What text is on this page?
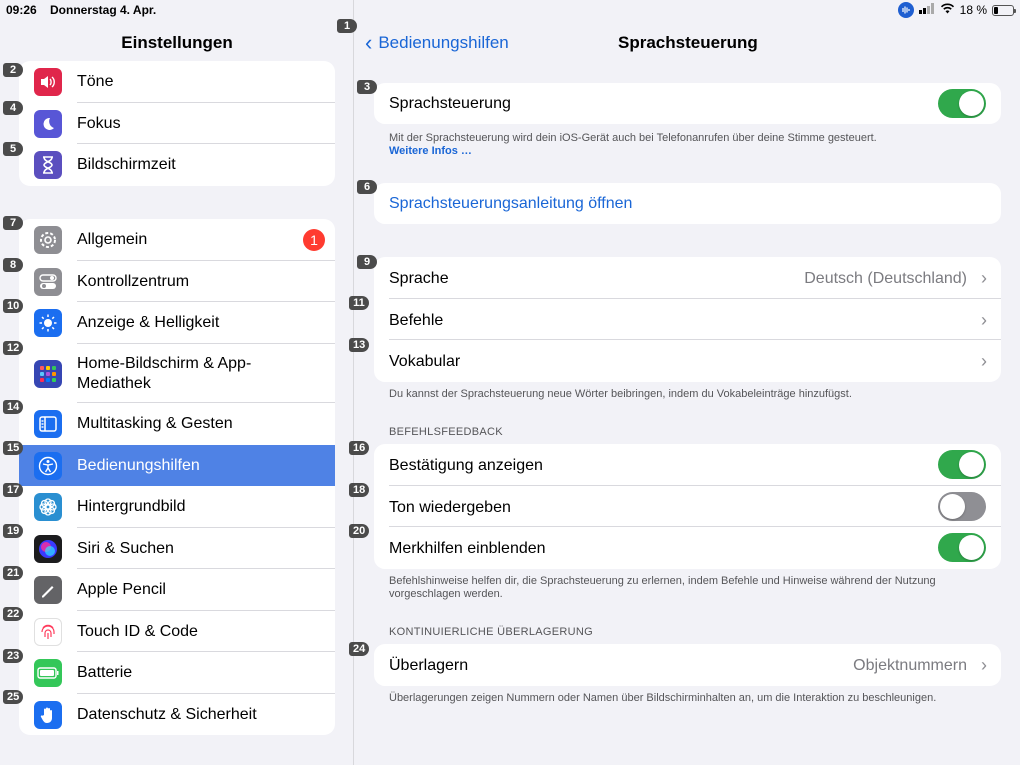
Einstellungen
Töne
Fokus
Bildschirmzeit
Allgemein	1
Kontrollzentrum
Anzeige & Helligkeit
Home-Bildschirm & App-Mediathek
Multitasking & Gesten
Bedienungshilfen
Hintergrundbild
Siri & Suchen
Apple Pencil
Touch ID & Code
Batterie
Datenschutz & Sicherheit
2
4
5
7
8
10
12
14
15
17
19
21
22
23
25
‹ Bedienungshilfen	Sprachsteuerung
Sprachsteuerung
Mit der Sprachsteuerung wird dein iOS-Gerät auch bei Telefonanrufen über deine Stimme gesteuert.
Weitere Infos …
Sprachsteuerungsanleitung öffnen
Sprache	Deutsch (Deutschland) ›
Befehle	›
Vokabular	›
Du kannst der Sprachsteuerung neue Wörter beibringen, indem du Vokabeleinträge hinzufügst.
BEFEHLSFEEDBACK
Bestätigung anzeigen
Ton wiedergeben
Merkhilfen einblenden
Befehlshinweise helfen dir, die Sprachsteuerung zu erlernen, indem Befehle und Hinweise während der Nutzung vorgeschlagen werden.
KONTINUIERLICHE ÜBERLAGERUNG
Überlagern	Objektnummern ›
Überlagerungen zeigen Nummern oder Namen über Bildschirminhalten an, um die Interaktion zu beschleunigen.
1
3
6
9
11
13
16
18
20
24
09:26 Donnerstag 4. Apr.	18 %
